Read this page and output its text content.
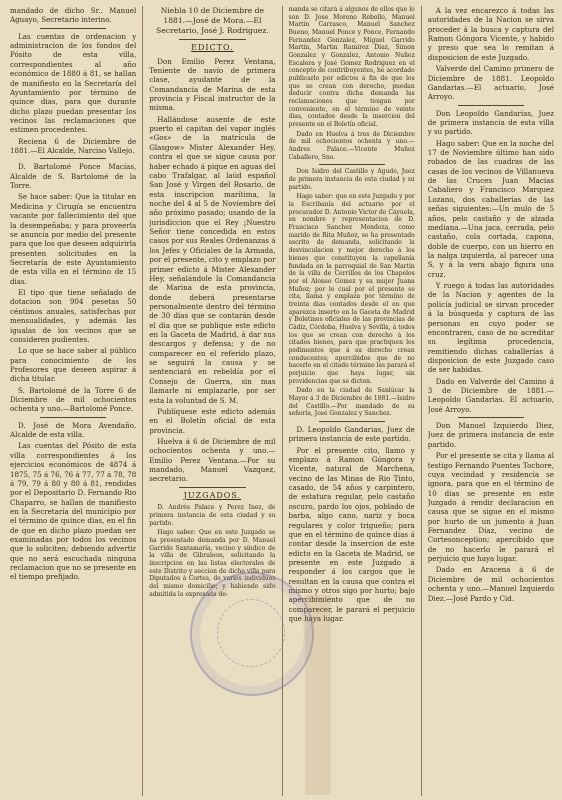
mandado de dicho Sr.. Manuel Aguayo, Secretario interino.

Las cuentas de ordenacion y administracion de los fondos del Pósito de esta villa, correspondientes al año económico de 1880 á 81, se hallan de manifiesto en la Secretaría del Ayuntamiento por término de quince dias, para que durante dicho plazo puedan presentar los vecinos las reclamaciones que estimen procedentes.

Reciena 6 de Diciembre de 1881.—El Alcalde, Narciso Vallejo.

D. Bartolomé Ponce Macías, Alcalde de S. Bartolomé de la Torre.

Se hace saber: Que la titular en Medicina y Cirugía se encuentra vacante por fallecimiento del que la desempeñaba; y para proveerla se anuncia por medio del presente para que los que deseen adquirirla presenten solicitudes en la Secretaría de este Ayuntamiento de esta villa en el término de 15 dias.

El tipo que tiene señalado de dotacion son 904 pesetas 50 céntimos anuales, satisfechas por mensualidades, y además las igualas de los vecinos que se consideren pudientes.

Lo que se hace saber al público para conocimiento de los Profesores que deseen aspirar á dicha titular.

S. Bartolomé de la Torre 6 de Diciembre de mil ochocientos ochenta y uno.—Bartolomé Ponce.

D. José de Mora Avendaño, Alcalde de esta villa.

Las cuentas del Pósito de esta villa correspondientes á los ejercicios económicos de 4874 á 1875, 75 á 76, 76 á 77, 77 á 78, 78 á 79, 79 á 80 y 80 á 81, rendidas por el Depositario D. Fernando Rio Chaparro, se hallan de manifiesto en la Secretaría del municipio por el término de quince dias, en el fin de que en dicho plazo puedan ser examinadas por todos los vecinos que lo soliciten; debiendo advertir que no será escuchada ninguna reclamacion que no se presente en el tiempo prefijado.

Niebla 10 de Diciembre de 1881.—José de Mora.—El Secretario, José J. Rodriguez.

EDICTO.

Don Emilio Perez Ventana, Teniente de navío de primera clase, ayudante de la Comandancia de Marina de esta provincia y Fiscal instructor de la misma.

Hallándose ausente de este puerto el capitan del vapor inglés «Gos» de la matrícula de Glasgow» Mister Alexander Hey, contra el que se sigue causa por haber echado á pique en aguas del cabo Trafalgar, al laúd español San José y Virgen del Rosario, de esta inscripcion marítima, la noche del 4 al 5 de Noviembre del año próximo pasado; usando de la jurisdiccion que el Rey ¡Nuestro Señor tiene concedida en estos casos por sus Reales Ordenanzas á los Jefes y Oficiales de la Armada, por el presente, cito y emplazo por primer edicto á Mister Alexander Hey, señalándole la Comandancia de Marina de esta provincia, donde deberá presentarse personalmente dentro del término de 30 dias que se contarán desde el dia que se publique este edicto en la Gaceta de Madrid, á dar sus descargos y defensa; y de no comparecer en el referido plazo, se seguirá la causa y se sentenciará en rebeldía por el Consejo de Guerra, sin mas llamarle ni emplazarle, por ser esta la voluntad de S. M.

Publíquese este edicto además en el Boletín oficial de esta provincia.

Huelva á 6 de Diciembre de mil ochocientos ochenta y uno.—Emilio Perez Ventana.—Por su mandado, Manuel Vazquez, secretario.

JUZGADOS.

D. Andrés Palace y Perez Inez, de primera instancia de esta ciudad y su partido.

Hago saber: Que en este Juzgado se ha presentado demanda por D. Manuel Garrido Santamaría, vecino y síndico de la villa de Gibraleon, solicitando la inscripcion en las listas electorales de este Distrito y seccion de dicha villa para Diputados á Cortes, de varios individuos del mismo domicilio; y habiendo sido admitida la expresada de-

manda se citará á algunos de ellos que lo son D. Jose Moreno Rebollo, Manuel Martin Carrasco, Manuel Sanchez Bueno, Manuel Ponce y Ponce, Fernando Fernandez Gonzalez, Miguel Garrido Martin, Martin Ramirez Diaz, Simon Gonzalez y Gonzalez, Antonio Nuñez Escalera y José Gomez Rodriguez en el concepto de contribuyentes, he acordado publicarlo por edictos á fin de que los que se crean con derecho, puedan deducir contra dicha demanda las reclamaciones que tengan por conveniente, en el término de veinte dias, contados desde la insercion del presente en el Boletín oficial.

Dado en Huelva á tres de Diciembre de mil ochocientos ochenta y uno.—Andres Palace.—Vicente Muñoz Caballero, Sno.

Don Isidro del Castillo y Agudo, Juez de primera instancia de esta ciudad y su partido.

Hago saber: que en este Juzgado y por la Escribanía del actuario por el procurador D. Antonio Victor de Cayuela, en nombre y representacion de D. Francisco Sanchez Mendoza, como marido de Rita Muñoz, se ha presentado escrito de demanda, solicitando la desvinculacion y mejor derecho á los bienes que constituyen la capellanía fundada en la parroquial de San Martin de la villa de Cerrillos de los Chapelos por el Alonso Gomez y su mujer Juana Muñoz; por lo cual por el presente se cita, llama y emplaza por término de treinta dias contados desde el en que aparezca inserto en la Gaceta de Madrid y Boletines oficiales de las provincias de Cádiz, Córdoba, Huelva y Sevilla, á todos los que se crean con derecho á los citados bienes, para que practiquen los pedimentos que á su derecho crean conducentes; apercibidos que de no hacerlo en el citado término les parará el perjuicio que haya lugar, sin providencias que se dicten.

Dado en la ciudad de Sanlúcar la Mayor á 3 de Diciembre de 1881.—Isidro del Castillo.—Por mandado de su señoría, José Gonzalez y Sanchez.

D. Leopoldo Gandarias, Juez de primera instancia de este partido.

Por el presente cito, llamo y emplazo á Ramon Góngora y Vicente, natural de Marchena, vecino de las Minas de Rio Tinto, casado, de 54 años y carpintero, de estatura regular, pelo castaño oscuro, pardo los ojos, poblado de barba, algo cano, nariz y boca regulares y color trigueño; para que en el término de quince dias á contar desde la insercion de este edicto en la Gaceta de Madrid, se presente en este Juzgado á responder á los cargos que le resultan en la causa que contra el mismo y otros sigo por hurto; bajo apercibimiento que de no comparecer, le parará el perjuicio que haya lugar.

A la vez encarezco á todas las autoridades de la Nacion se sirva proceder á la busca y captura del Ramon Góngora Vicente, y habido y preso que sea lo remitan á disposicion de este Juzgado.

Valverde del Camino primero de Diciembre de 1881. Leopoldo Gandarias.—El actuario, José Arroyo.

Don Leopoldo Gandarias, Juez de primera instancia de esta villa y su partido.

Hago saber: Que en la noche del 17 de Noviembre último han sido robados de las cuadras de las casas de los vecinos de Villanueva de las Cruces Juan Macias Cabaliero y Francisco Marquez Lozano, dos caballerías de las señas siguientes:—Un mulo de 5 años, pelo castaño y de alzada mediana.—Una jaca, cerrada, pelo castaño, cola cortada, capona, doble de cuerpo, con un hierro en la nalga izquierda, al parecer una S, y á la vera abajo figura una cruz.

Y ruego á todas las autoridades de la Nacion y agentes de la policía judicial se sirvan proceder á la búsqueda y captura de las personas en cuyo poder se encontraren, caso de no acreditar su legítima procedencia, remitiendo dichas caballerías á disposicion de este Juzgado caso de ser habidas.

Dado en Valverde del Camino á 3 de Diciembre de 1881.—Leopoldo Gandarias. El actuario, José Arroyo.

Don Manuel Izquierdo Diez, Juez de primera instancia de este partido.

Por el presente se cita y llama al testigo Fernando Puentes Tochore, cuya vecindad y residencia se ignora, para que en el término de 10 dias se presente en este Juzgado á rendir declaracion en causa que se sigue en el mismo por hurto de un jumento á Juan Fernandez Diaz, vecino de Cortesonception; apercibido que de no hacerlo le parará el perjuicio que haya lugar.

Dado en Aracena á 6 de Diciembre de mil ochocientos ochenta y uno.—Manuel Izquierdo Diez.—José Pardo y Cid.
